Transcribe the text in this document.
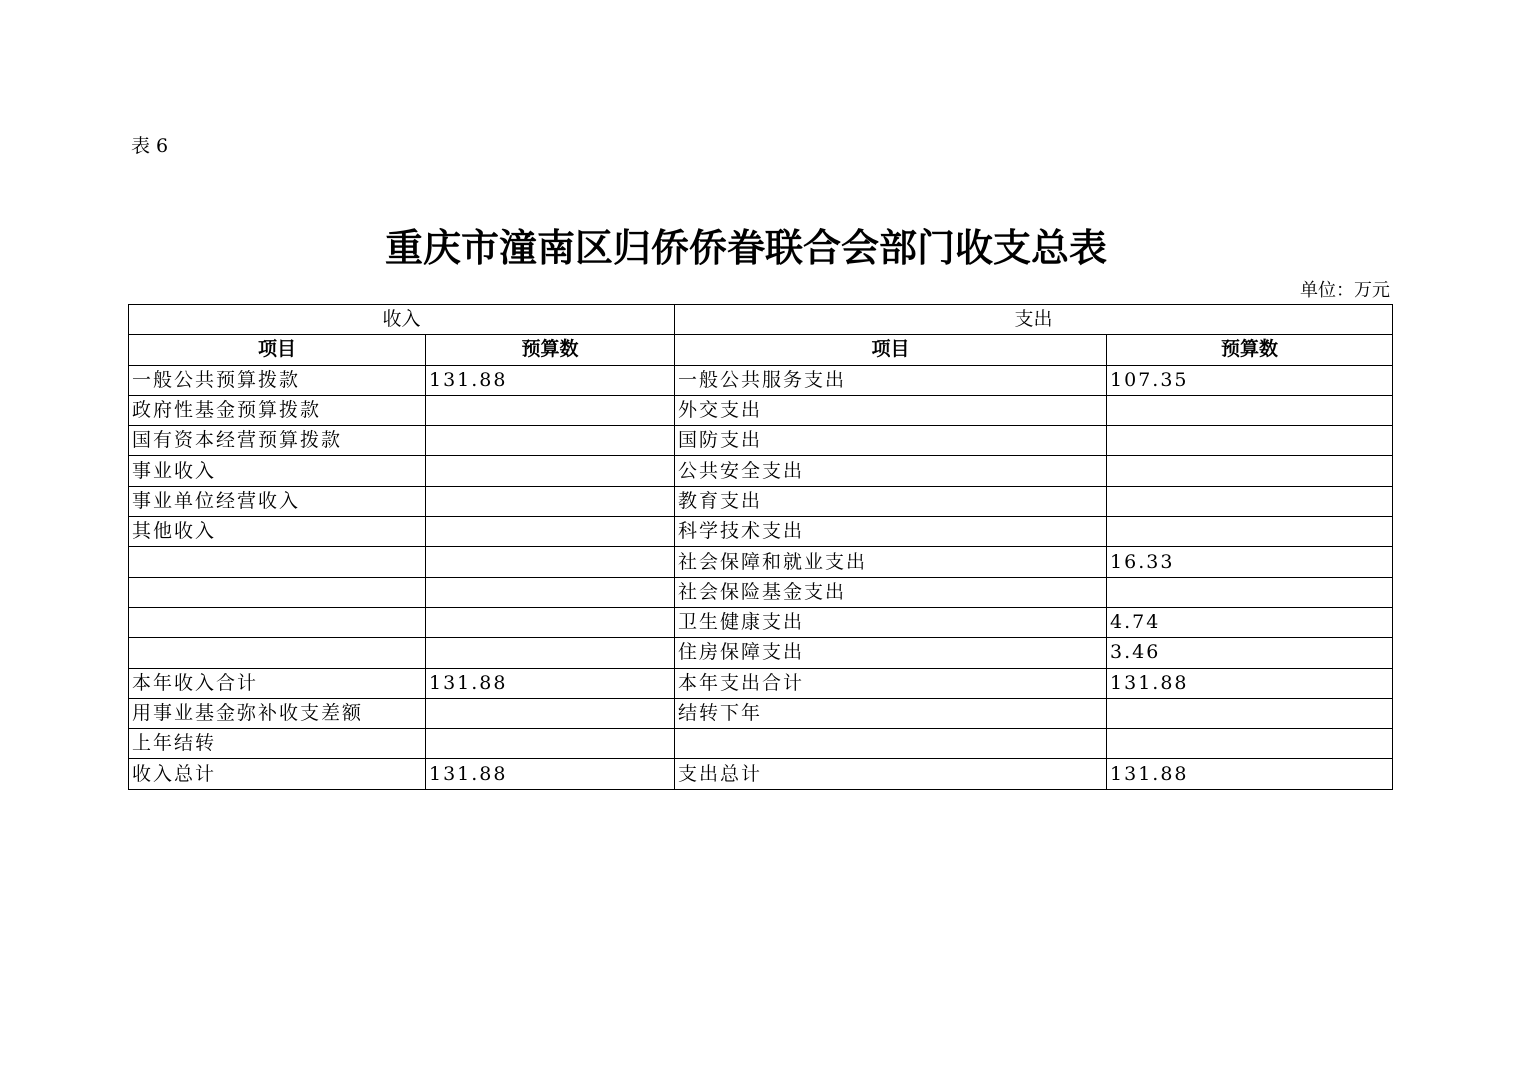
表 6
重庆市潼南区归侨侨眷联合会部门收支总表
单位：万元
收入		支出	
项目	预算数	项目	预算数
一般公共预算拨款	131.88	一般公共服务支出	107.35
政府性基金预算拨款		外交支出	
国有资本经营预算拨款		国防支出	
事业收入		公共安全支出	
事业单位经营收入		教育支出	
其他收入		科学技术支出	
		社会保障和就业支出	16.33
		社会保险基金支出	
		卫生健康支出	4.74
		住房保障支出	3.46
本年收入合计	131.88	本年支出合计	131.88
用事业基金弥补收支差额		结转下年	
上年结转			
收入总计	131.88	支出总计	131.88
